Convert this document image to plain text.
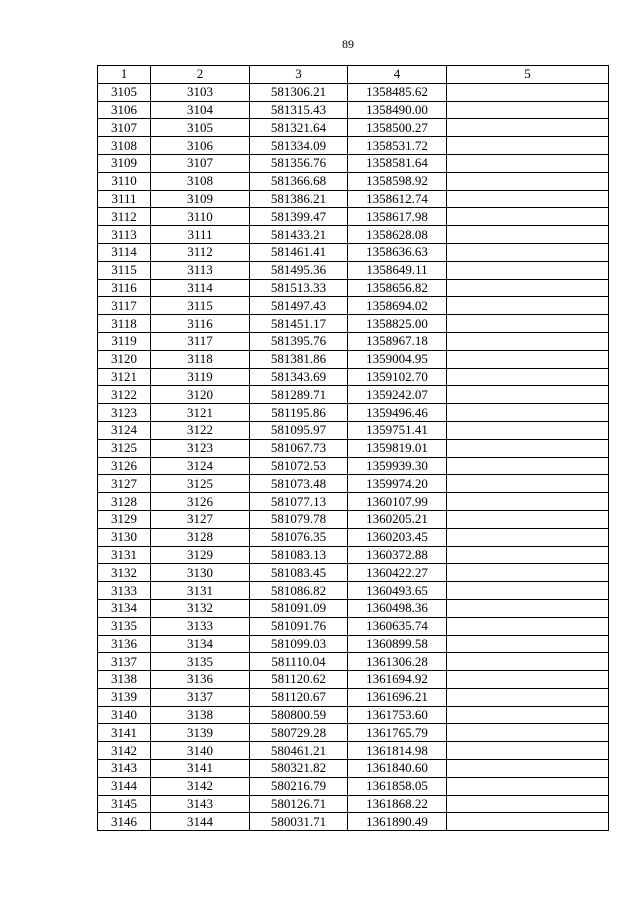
89
1	2	3	4	5
3105	3103	581306.21	1358485.62	
3106	3104	581315.43	1358490.00	
3107	3105	581321.64	1358500.27	
3108	3106	581334.09	1358531.72	
3109	3107	581356.76	1358581.64	
3110	3108	581366.68	1358598.92	
3111	3109	581386.21	1358612.74	
3112	3110	581399.47	1358617.98	
3113	3111	581433.21	1358628.08	
3114	3112	581461.41	1358636.63	
3115	3113	581495.36	1358649.11	
3116	3114	581513.33	1358656.82	
3117	3115	581497.43	1358694.02	
3118	3116	581451.17	1358825.00	
3119	3117	581395.76	1358967.18	
3120	3118	581381.86	1359004.95	
3121	3119	581343.69	1359102.70	
3122	3120	581289.71	1359242.07	
3123	3121	581195.86	1359496.46	
3124	3122	581095.97	1359751.41	
3125	3123	581067.73	1359819.01	
3126	3124	581072.53	1359939.30	
3127	3125	581073.48	1359974.20	
3128	3126	581077.13	1360107.99	
3129	3127	581079.78	1360205.21	
3130	3128	581076.35	1360203.45	
3131	3129	581083.13	1360372.88	
3132	3130	581083.45	1360422.27	
3133	3131	581086.82	1360493.65	
3134	3132	581091.09	1360498.36	
3135	3133	581091.76	1360635.74	
3136	3134	581099.03	1360899.58	
3137	3135	581110.04	1361306.28	
3138	3136	581120.62	1361694.92	
3139	3137	581120.67	1361696.21	
3140	3138	580800.59	1361753.60	
3141	3139	580729.28	1361765.79	
3142	3140	580461.21	1361814.98	
3143	3141	580321.82	1361840.60	
3144	3142	580216.79	1361858.05	
3145	3143	580126.71	1361868.22	
3146	3144	580031.71	1361890.49	
